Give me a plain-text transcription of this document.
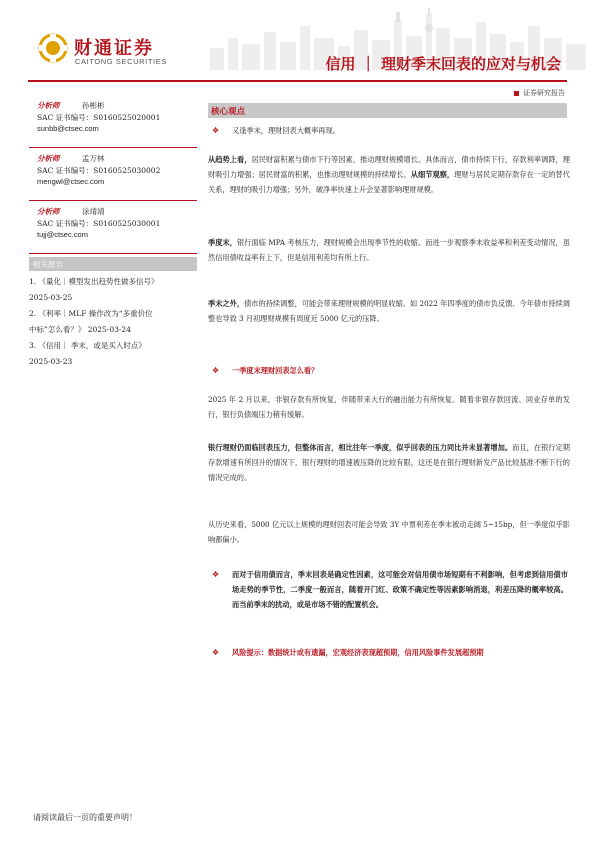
财通证券
CAITONG SECURITIES	信用 ｜ 理财季末回表的应对与机会
证券研究报告
分析师	孙彬彬
SAC 证书编号：S0160525020001
sunbb@ctsec.com
分析师	孟万林
SAC 证书编号：S0160525030002
mengwl@ctsec.com
分析师	涂靖靖
SAC 证书编号：S0160525030001
tujj@ctsec.com
相关报告
1. 《量化｜模型发出趋势性做多信号》
2025-03-25
2. 《利率｜MLF 操作改为“多重价位
中标”怎么看？》 2025-03-24
3. 《信用｜ 季末，或是买入时点》
2025-03-23
核心观点
❖	又逢季末，理财回表大概率再现。
从趋势上看，居民财富积累与债市下行等因素，推动理财规模增长。具体而言，债市持续下行，存款利率调降，理财吸引力增强；居民财富的积累，也推动理财规模的持续增长。从细节观察，理财与居民定期存款存在一定的替代关系，理财的吸引力增强；另外，破净率快速上升会显著影响理财规模。
季度末，银行面临 MPA 考核压力，理财规模会出现季节性的收缩。而进一步观察季末收益率和利差变动情况，虽然信用债收益率有上下，但是信用利差均有所上行。
季末之外，债市的持续调整，可能会带来理财规模的明显收缩。如 2022 年四季度的债市负反馈、今年债市持续调整也导致 3 月初理财规模有周度近 5000 亿元的压降。
❖	一季度末理财回表怎么看？
2025 年 2 月以来，非银存款有所恢复，伴随带来大行的融出能力有所恢复。随着非银存款回流、同业存单的发行，银行负债端压力稍有缓解。
银行理财仍面临回表压力，但整体而言，相比往年一季度，似乎回表的压力同比并未显著增加。而且，在银行定期存款增速有所回升的情况下，银行理财的增速被压降的比较有限，这还是在银行理财新发产品比较基准不断下行的情况完成的。
从历史来看，5000 亿元以上规模的理财回表可能会导致 3Y 中票利差在季末被动走阔 5~15bp，但一季度似乎影响都偏小。
❖	而对于信用债而言，季末回表是确定性因素，这可能会对信用债市场短期有不利影响，但考虑到信用债市场走势的季节性，二季度一般而言，随着开门红、政策不确定性等因素影响消退，利差压降的概率较高。而当前季末的扰动，或是市场不错的配置机会。
❖	风险提示：数据统计或有遗漏，宏观经济表现超预期，信用风险事件发展超预期
请阅读最后一页的重要声明！
